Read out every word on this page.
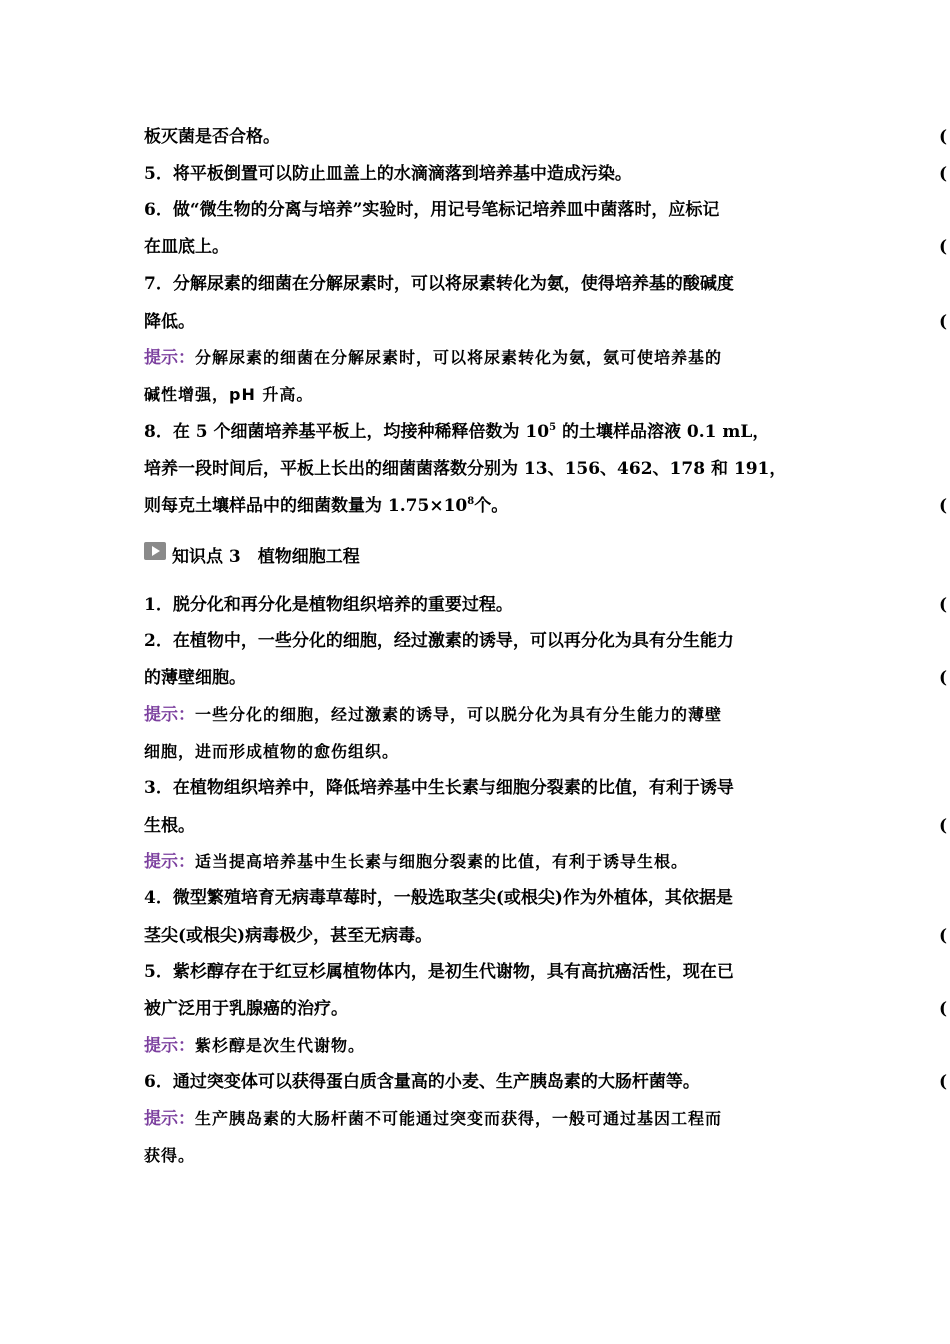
板灭菌是否合格。	(
5．将平板倒置可以防止皿盖上的水滴滴落到培养基中造成污染。	(
6．做“微生物的分离与培养”实验时，用记号笔标记培养皿中菌落时，应标记
在皿底上。	(
7．分解尿素的细菌在分解尿素时，可以将尿素转化为氨，使得培养基的酸碱度
降低。	(
提示：分解尿素的细菌在分解尿素时，可以将尿素转化为氨，氨可使培养基的
碱性增强，pH 升高。
8．在 5 个细菌培养基平板上，均接种稀释倍数为 $10^5$ 的土壤样品溶液 0.1 mL，
培养一段时间后，平板上长出的细菌菌落数分别为 13、156、462、178 和 191，
则每克土壤样品中的细菌数量为 $1.75\times 10^8$个。	(
知识点 3　植物细胞工程
1．脱分化和再分化是植物组织培养的重要过程。	(
2．在植物中，一些分化的细胞，经过激素的诱导，可以再分化为具有分生能力
的薄壁细胞。	(
提示：一些分化的细胞，经过激素的诱导，可以脱分化为具有分生能力的薄壁
细胞，进而形成植物的愈伤组织。
3．在植物组织培养中，降低培养基中生长素与细胞分裂素的比值，有利于诱导
生根。	(
提示：适当提高培养基中生长素与细胞分裂素的比值，有利于诱导生根。
4．微型繁殖培育无病毒草莓时，一般选取茎尖(或根尖)作为外植体，其依据是
茎尖(或根尖)病毒极少，甚至无病毒。	(
5．紫杉醇存在于红豆杉属植物体内，是初生代谢物，具有高抗癌活性，现在已
被广泛用于乳腺癌的治疗。	(
提示：紫杉醇是次生代谢物。
6．通过突变体可以获得蛋白质含量高的小麦、生产胰岛素的大肠杆菌等。	(
提示：生产胰岛素的大肠杆菌不可能通过突变而获得，一般可通过基因工程而
获得。
